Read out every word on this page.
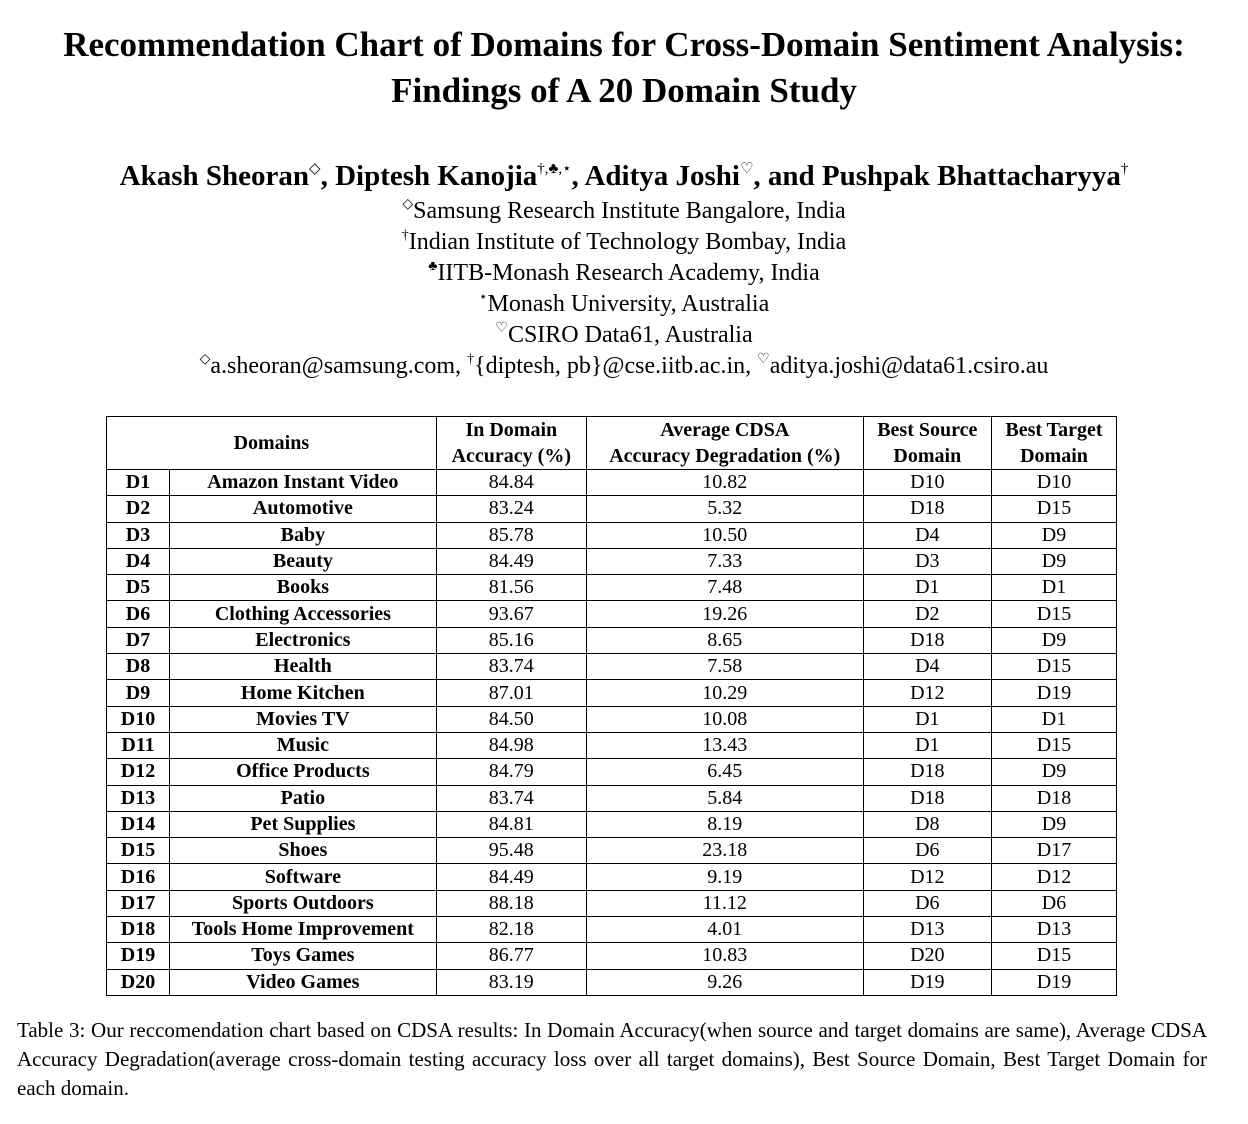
Recommendation Chart of Domains for Cross-Domain Sentiment Analysis:
Findings of A 20 Domain Study
Akash Sheoran◇, Diptesh Kanojia†,♣,⋆, Aditya Joshi♡, and Pushpak Bhattacharyya†
◇Samsung Research Institute Bangalore, India
†Indian Institute of Technology Bombay, India
♣IITB-Monash Research Academy, India
⋆Monash University, Australia
♡CSIRO Data61, Australia
◇a.sheoran@samsung.com, †{diptesh, pb}@cse.iitb.ac.in, ♡aditya.joshi@data61.csiro.au
Domains		In Domain	Average CDSA	Best Source	Best Target
		Accuracy (%)	Accuracy Degradation (%)	Domain	Domain
D1	Amazon Instant Video	84.84	10.82	D10	D10
D2	Automotive	83.24	5.32	D18	D15
D3	Baby	85.78	10.50	D4	D9
D4	Beauty	84.49	7.33	D3	D9
D5	Books	81.56	7.48	D1	D1
D6	Clothing Accessories	93.67	19.26	D2	D15
D7	Electronics	85.16	8.65	D18	D9
D8	Health	83.74	7.58	D4	D15
D9	Home Kitchen	87.01	10.29	D12	D19
D10	Movies TV	84.50	10.08	D1	D1
D11	Music	84.98	13.43	D1	D15
D12	Office Products	84.79	6.45	D18	D9
D13	Patio	83.74	5.84	D18	D18
D14	Pet Supplies	84.81	8.19	D8	D9
D15	Shoes	95.48	23.18	D6	D17
D16	Software	84.49	9.19	D12	D12
D17	Sports Outdoors	88.18	11.12	D6	D6
D18	Tools Home Improvement	82.18	4.01	D13	D13
D19	Toys Games	86.77	10.83	D20	D15
D20	Video Games	83.19	9.26	D19	D19
Table 3: Our reccomendation chart based on CDSA results: In Domain Accuracy(when source and target domains are same), Average CDSA Accuracy Degradation(average cross-domain testing accuracy loss over all target domains), Best Source Domain, Best Target Domain for each domain.
